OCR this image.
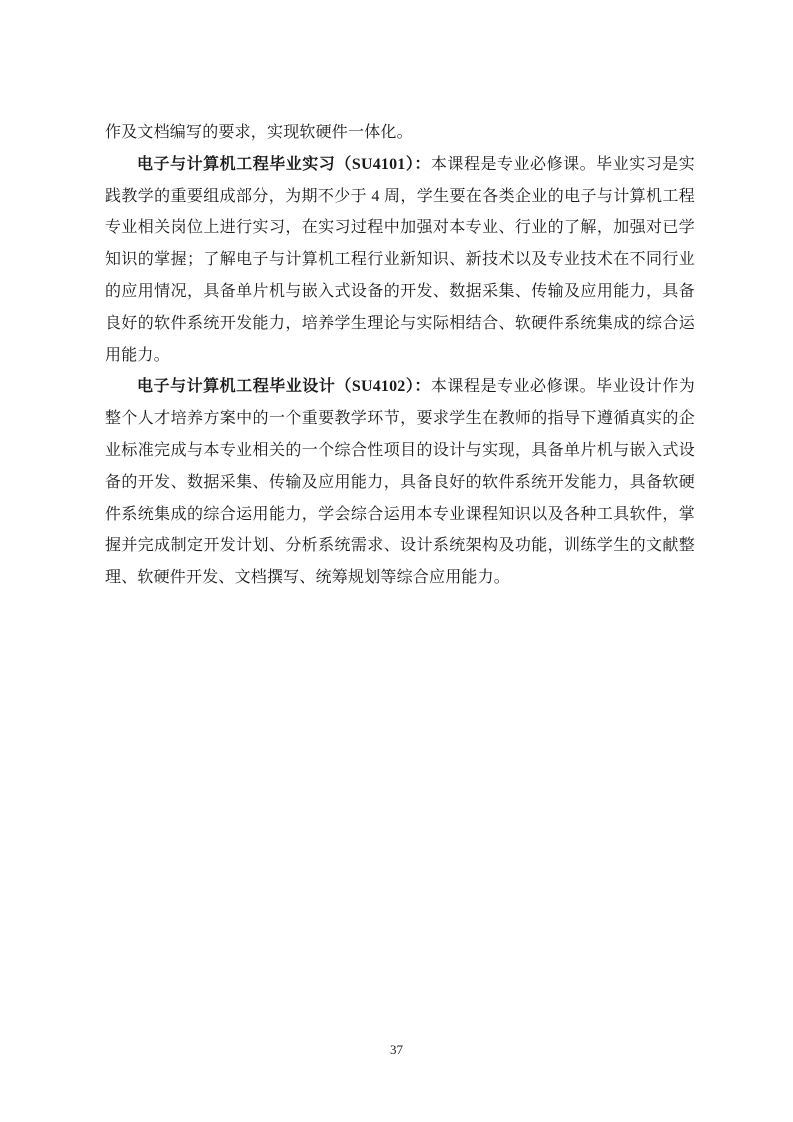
作及文档编写的要求，实现软硬件一体化。

电子与计算机工程毕业实习（SU4101）：本课程是专业必修课。毕业实习是实践教学的重要组成部分，为期不少于 4 周，学生要在各类企业的电子与计算机工程专业相关岗位上进行实习，在实习过程中加强对本专业、行业的了解，加强对已学知识的掌握；了解电子与计算机工程行业新知识、新技术以及专业技术在不同行业的应用情况，具备单片机与嵌入式设备的开发、数据采集、传输及应用能力，具备良好的软件系统开发能力，培养学生理论与实际相结合、软硬件系统集成的综合运用能力。

电子与计算机工程毕业设计（SU4102）：本课程是专业必修课。毕业设计作为整个人才培养方案中的一个重要教学环节，要求学生在教师的指导下遵循真实的企业标准完成与本专业相关的一个综合性项目的设计与实现，具备单片机与嵌入式设备的开发、数据采集、传输及应用能力，具备良好的软件系统开发能力，具备软硬件系统集成的综合运用能力，学会综合运用本专业课程知识以及各种工具软件，掌握并完成制定开发计划、分析系统需求、设计系统架构及功能，训练学生的文献整理、软硬件开发、文档撰写、统筹规划等综合应用能力。

37
